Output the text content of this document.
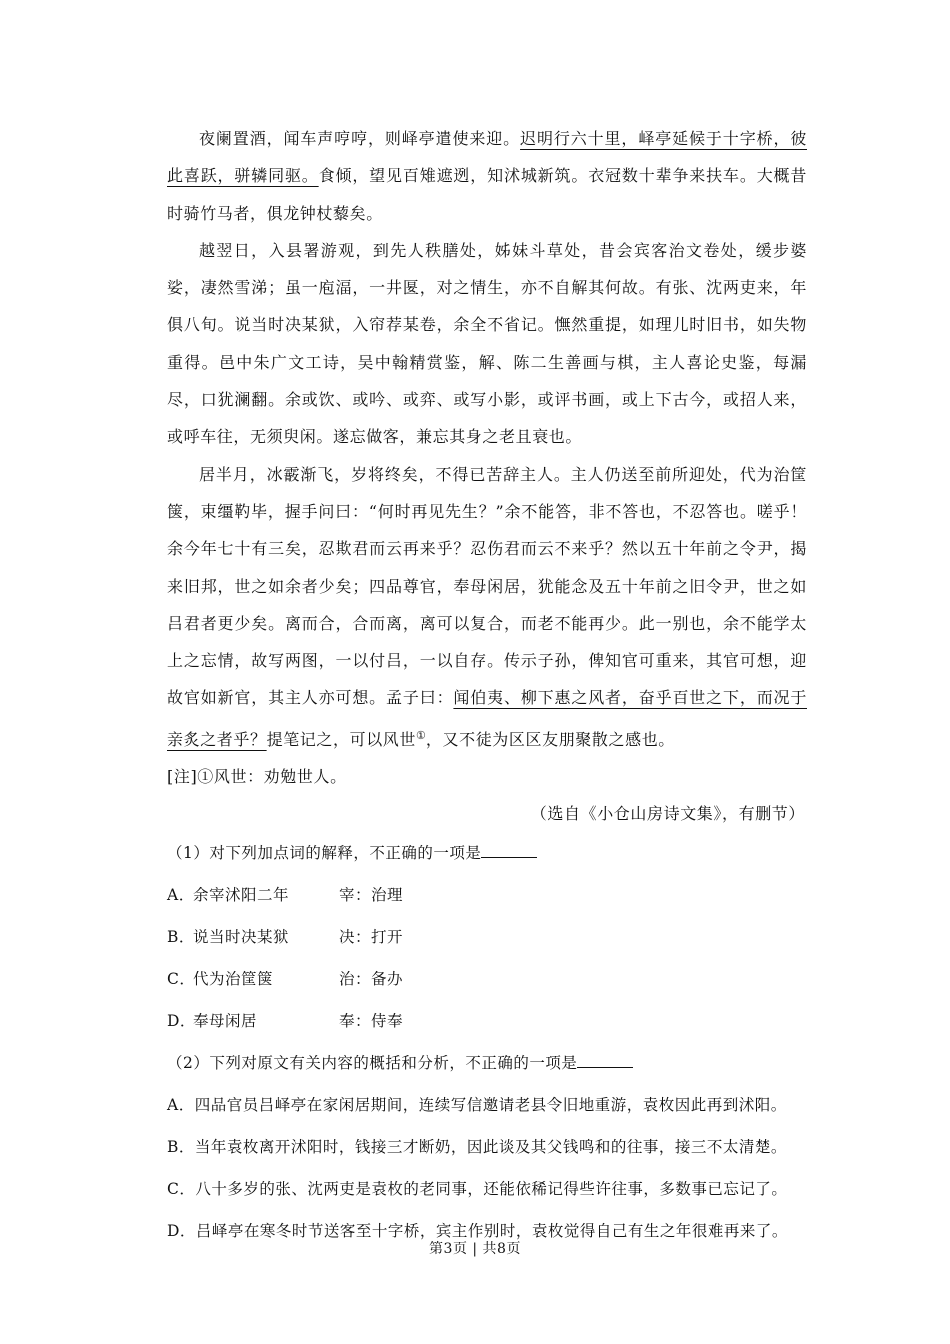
夜阑置酒，闻车声哼哼，则峄亭遣使来迎。迟明行六十里，峄亭延候于十字桥，彼此喜跃，骈辚同驱。食倾，望见百雉遮迾，知沭城新筑。衣冠数十辈争来扶车。大概昔时骑竹马者，俱龙钟杖藜矣。

越翌日，入县署游观，到先人秩膳处，姊妹斗草处，昔会宾客治文卷处，缓步婆娑，凄然雪涕；虽一庖湢，一井匽，对之情生，亦不自解其何故。有张、沈两吏来，年俱八旬。说当时决某狱，入帘荐某卷，余全不省记。憮然重提，如理儿时旧书，如失物重得。邑中朱广文工诗，吴中翰精赏鉴，解、陈二生善画与棋，主人喜论史鉴，每漏尽，口犹澜翻。余或饮、或吟、或弈、或写小影，或评书画，或上下古今，或招人来，或呼车往，无须臾闲。遂忘做客，兼忘其身之老且衰也。

居半月，冰霰渐飞，岁将终矣，不得已苦辞主人。主人仍送至前所迎处，代为治筐箧，束缰靮毕，握手问曰：“何时再见先生？”余不能答，非不答也，不忍答也。嗟乎！余今年七十有三矣，忍欺君而云再来乎？忍伤君而云不来乎？然以五十年前之令尹，揭来旧邦，世之如余者少矣；四品尊官，奉母闲居，犹能念及五十年前之旧令尹，世之如吕君者更少矣。离而合，合而离，离可以复合，而老不能再少。此一别也，余不能学太上之忘情，故写两图，一以付吕，一以自存。传示子孙，俾知官可重来，其官可想，迎故官如新官，其主人亦可想。孟子曰：闻伯夷、柳下惠之风者，奋乎百世之下，而况于亲炙之者乎？提笔记之，可以风世①，又不徒为区区友朋聚散之感也。

[注]①风世：劝勉世人。

（选自《小仓山房诗文集》，有删节）

（1）对下列加点词的解释，不正确的一项是

A．余宰沭阳二年	宰：治理

B．说当时决某狱	决：打开

C．代为治筐箧	治：备办

D．奉母闲居	奉：侍奉

（2）下列对原文有关内容的概括和分析，不正确的一项是

A．四品官员吕峄亭在家闲居期间，连续写信邀请老县令旧地重游，袁枚因此再到沭阳。

B．当年袁枚离开沭阳时，钱接三才断奶，因此谈及其父钱鸣和的往事，接三不太清楚。

C．八十多岁的张、沈两吏是袁枚的老同事，还能依稀记得些许往事，多数事已忘记了。

D．吕峄亭在寒冬时节送客至十字桥，宾主作别时，袁枚觉得自己有生之年很难再来了。

第3页 | 共8页
